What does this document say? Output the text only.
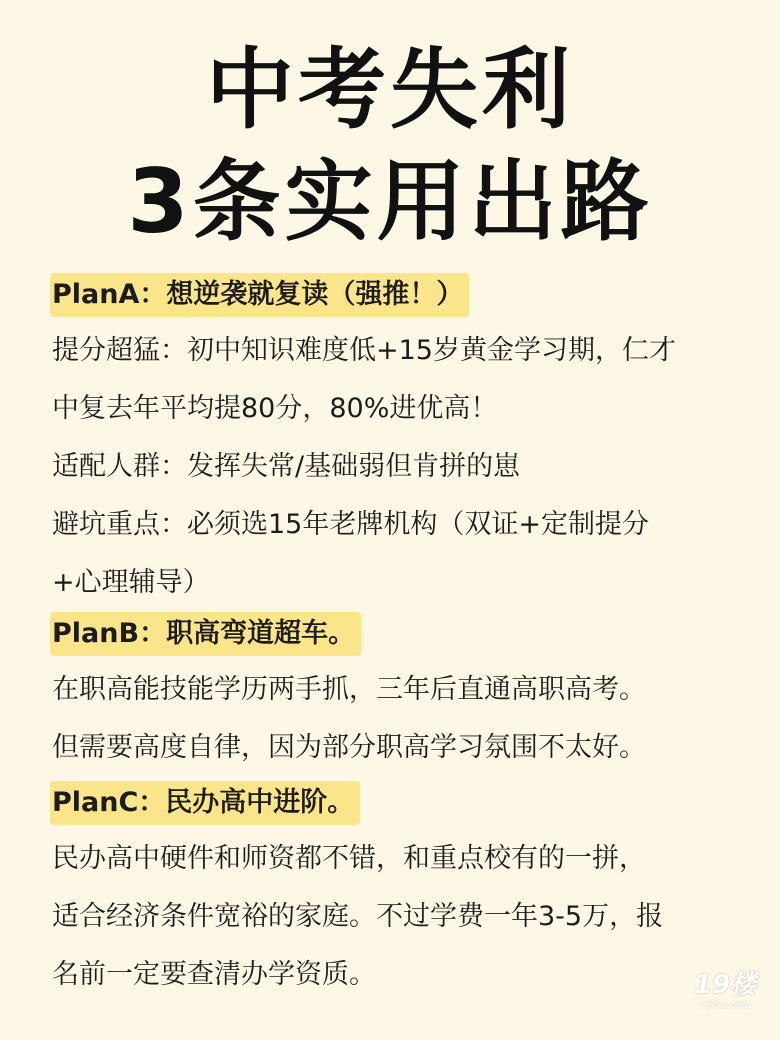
中考失利
3条实用出路
PlanA：想逆袭就复读（强推！）
提分超猛：初中知识难度低+15岁黄金学习期，仁才
中复去年平均提80分，80%进优高！
适配人群：发挥失常/基础弱但肯拼的崽
避坑重点：必须选15年老牌机构（双证+定制提分
+心理辅导）
PlanB：职高弯道超车。
在职高能技能学历两手抓，三年后直通高职高考。
但需要高度自律，因为部分职高学习氛围不太好。
PlanC：民办高中进阶。
民办高中硬件和师资都不错，和重点校有的一拼，
适合经济条件宽裕的家庭。不过学费一年3-5万，报
名前一定要查清办学资质。	19楼
19lou.com
